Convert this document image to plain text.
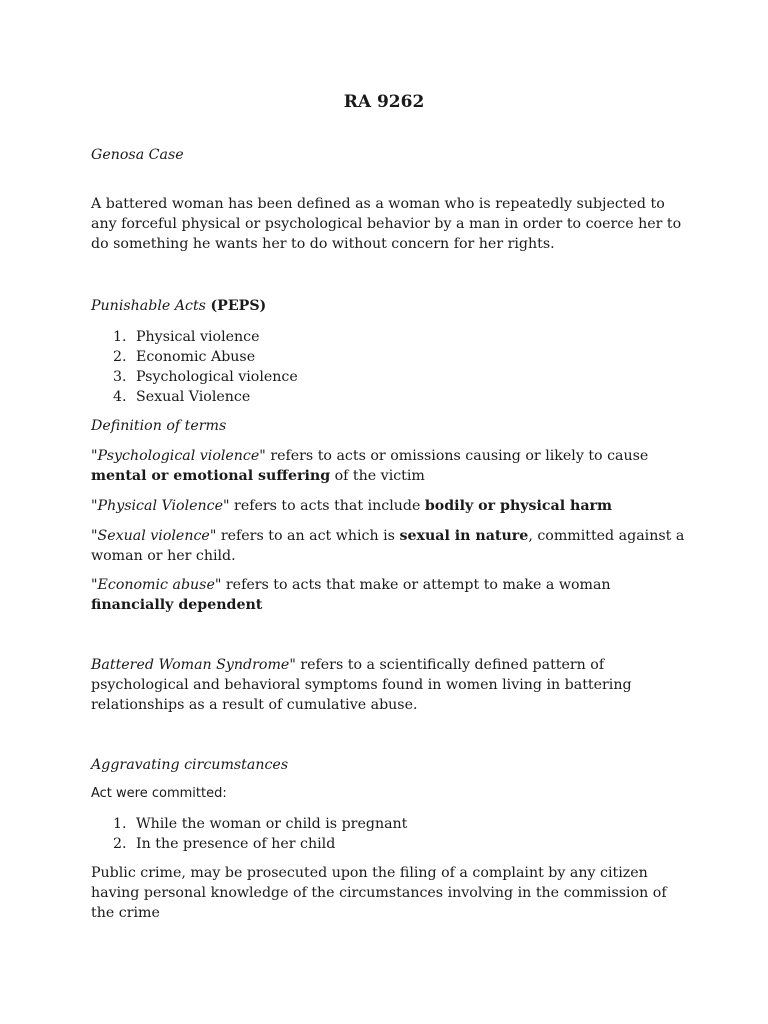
RA 9262

Genosa Case

A battered woman has been defined as a woman who is repeatedly subjected to any forceful physical or psychological behavior by a man in order to coerce her to do something he wants her to do without concern for her rights.

Punishable Acts (PEPS)

1. Physical violence
2. Economic Abuse
3. Psychological violence
4. Sexual Violence

Definition of terms

"Psychological violence" refers to acts or omissions causing or likely to cause mental or emotional suffering of the victim

"Physical Violence" refers to acts that include bodily or physical harm

"Sexual violence" refers to an act which is sexual in nature, committed against a woman or her child.

"Economic abuse" refers to acts that make or attempt to make a woman financially dependent

Battered Woman Syndrome" refers to a scientifically defined pattern of psychological and behavioral symptoms found in women living in battering relationships as a result of cumulative abuse.

Aggravating circumstances

Act were committed:

1. While the woman or child is pregnant
2. In the presence of her child

Public crime, may be prosecuted upon the filing of a complaint by any citizen having personal knowledge of the circumstances involving in the commission of the crime
